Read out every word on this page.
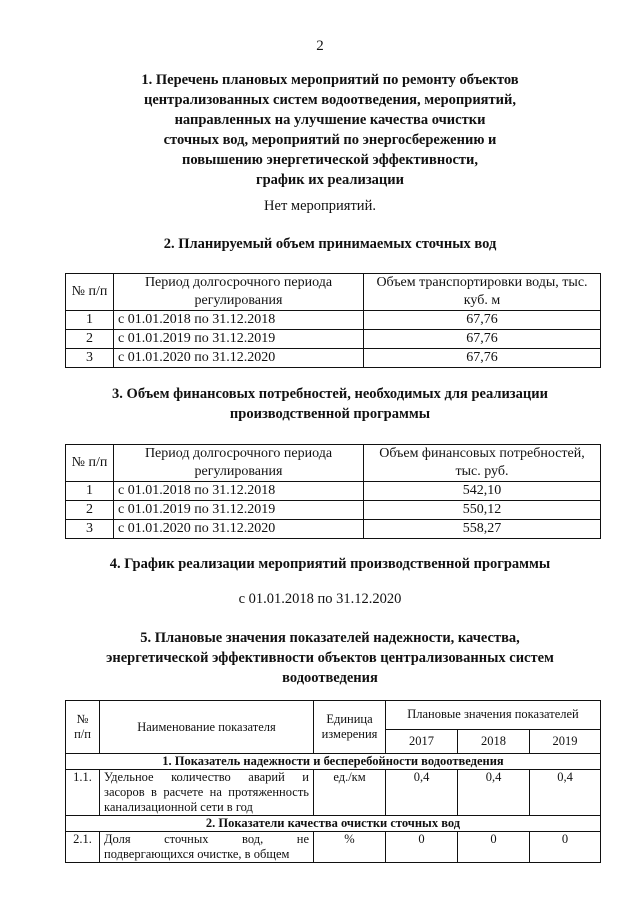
2
1. Перечень плановых мероприятий по ремонту объектов
централизованных систем водоотведения, мероприятий,
направленных на улучшение качества очистки
сточных вод, мероприятий по энергосбережению и
повышению энергетической эффективности,
график их реализации
Нет мероприятий.
2. Планируемый объем принимаемых сточных вод
№ п/п	Период долгосрочного периода регулирования	Объем транспортировки воды, тыс. куб. м
1	с 01.01.2018 по 31.12.2018	67,76
2	с 01.01.2019 по 31.12.2019	67,76
3	с 01.01.2020 по 31.12.2020	67,76
3. Объем финансовых потребностей, необходимых для реализации
производственной программы
№ п/п	Период долгосрочного периода регулирования	Объем финансовых потребностей, тыс. руб.
1	с 01.01.2018 по 31.12.2018	542,10
2	с 01.01.2019 по 31.12.2019	550,12
3	с 01.01.2020 по 31.12.2020	558,27
4. График реализации мероприятий производственной программы
с 01.01.2018 по 31.12.2020
5. Плановые значения показателей надежности, качества,
энергетической эффективности объектов централизованных систем
водоотведения
№ п/п	Наименование показателя	Единица измерения	Плановые значения показателей		
			2017	2018	2019
1. Показатель надежности и бесперебойности водоотведения					
1.1.	Удельное количество аварий и засоров в расчете на протяженность канализационной сети в год	ед./км	0,4	0,4	0,4
2. Показатели качества очистки сточных вод					
2.1.	Доля сточных вод, не подвергающихся очистке, в общем	%	0	0	0
